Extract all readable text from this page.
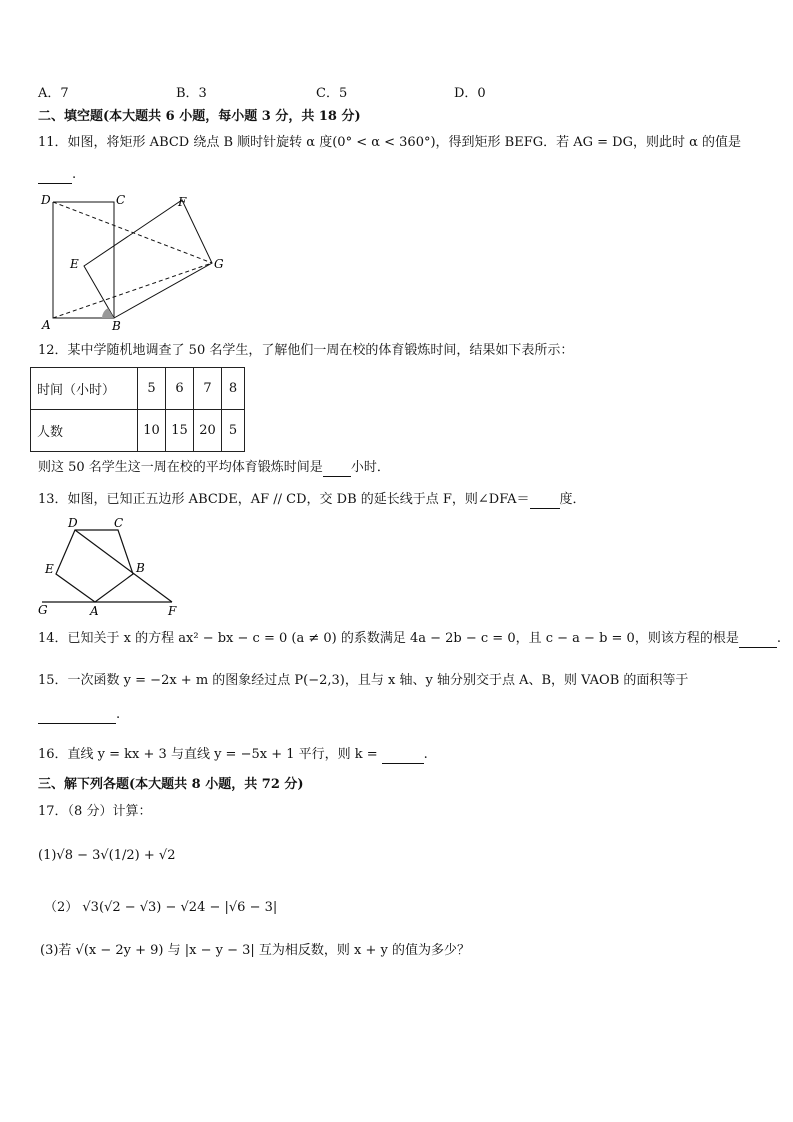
A．7	B．3	C．5	D．0
二、填空题(本大题共 6 小题，每小题 3 分，共 18 分)
11．如图，将矩形 ABCD 绕点 B 顺时针旋转 α 度(0° < α < 360°)，得到矩形 BEFG．若 AG = DG，则此时 α 的值是
.
D	C	F
E	G
A	B
12．某中学随机地调查了 50 名学生，了解他们一周在校的体育锻炼时间，结果如下表所示：
时间（小时）	5	6	7	8
人数	10	15	20	5
则这 50 名学生这一周在校的平均体育锻炼时间是 小时．
13．如图，已知正五边形 ABCDE，AF // CD，交 DB 的延长线于点 F，则∠DFA＝ 度．
D	C
E	B
G	A	F
14．已知关于 x 的方程 ax² − bx − c = 0 (a ≠ 0) 的系数满足 4a − 2b − c = 0，且 c − a − b = 0，则该方程的根是	.
15．一次函数 y = −2x + m 的图象经过点 P(−2,3)，且与 x 轴、y 轴分别交于点 A、B，则 VAOB 的面积等于
.
16．直线 y = kx + 3 与直线 y = −5x + 1 平行，则 k =	.
三、解下列各题(本大题共 8 小题，共 72 分)
17．（8 分）计算：
(1)√8 − 3√(1/2) + √2
（2） √3(√2 − √3) − √24 − |√6 − 3|
(3)若 √(x − 2y + 9) 与 |x − y − 3| 互为相反数，则 x + y 的值为多少？
